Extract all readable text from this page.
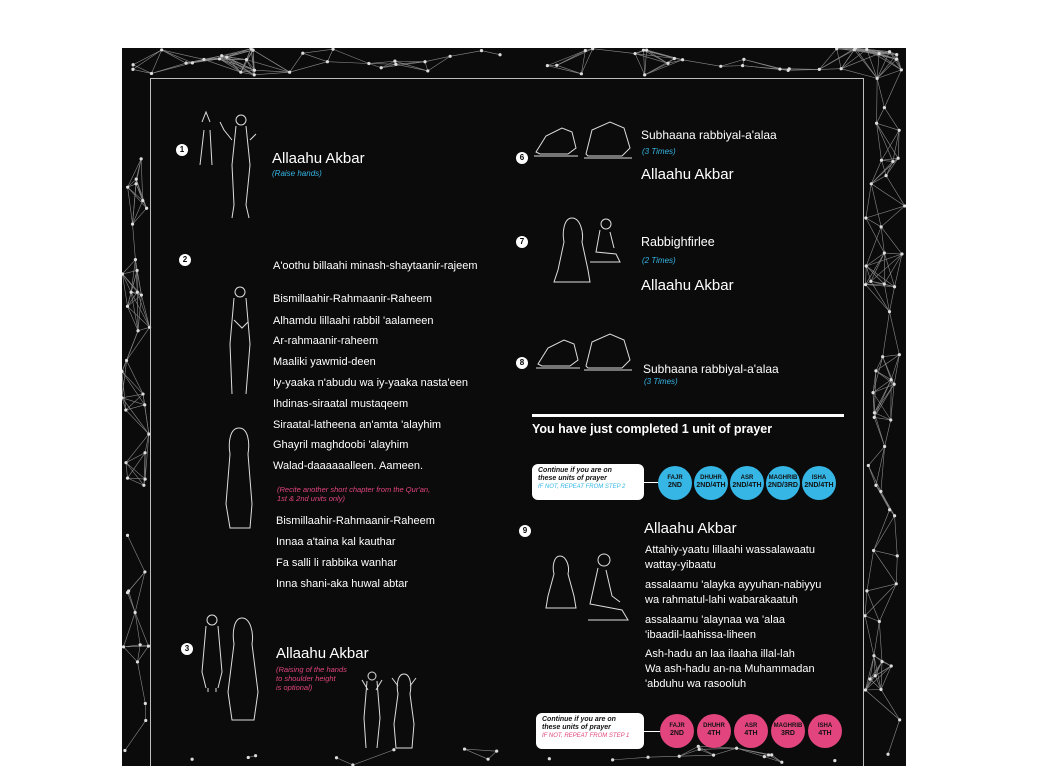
1
Allaahu Akbar
(Raise hands)
2
A'oothu billaahi minash-shaytaanir-rajeem
Bismillaahir-Rahmaanir-Raheem
Alhamdu lillaahi rabbil 'aalameen
Ar-rahmaanir-raheem
Maaliki yawmid-deen
Iy-yaaka n'abudu wa iy-yaaka nasta'een
Ihdinas-siraatal mustaqeem
Siraatal-latheena an'amta 'alayhim
Ghayril maghdoobi 'alayhim
Walad-daaaaaalleen. Aameen.
(Recite another short chapter from the Qur'an,
1st & 2nd units only)
Bismillaahir-Rahmaanir-Raheem
Innaa a'taina kal kauthar
Fa salli li rabbika wanhar
Inna shani-aka huwal abtar
3	Allaahu Akbar
(Raising of the hands
to shoulder height
is optional)
6
Subhaana rabbiyal-a'alaa
(3 Times)
Allaahu Akbar
7	Rabbighfirlee
(2 Times)
Allaahu Akbar
8	Subhaana rabbiyal-a'alaa
(3 Times)
You have just completed 1 unit of prayer
Continue if you are on
these units of prayer
IF NOT, REPEAT FROM STEP 2
FAJR
2ND
DHUHR
2ND/4TH
ASR
2ND/4TH
MAGHRIB
2ND/3RD
ISHA
2ND/4TH
9	Allaahu Akbar
Attahiy-yaatu lillaahi wassalawaatu
wattay-yibaatu
assalaamu 'alayka ayyuhan-nabiyyu
wa rahmatul-lahi wabarakaatuh
assalaamu 'alaynaa wa 'alaa
'ibaadil-laahissa-liheen
Ash-hadu an laa ilaaha illal-lah
Wa ash-hadu an-na Muhammadan
'abduhu wa rasooluh
Continue if you are on
these units of prayer
IF NOT, REPEAT FROM STEP 1
FAJR
2ND
DHUHR
4TH
ASR
4TH
MAGHRIB
3RD
ISHA
4TH
